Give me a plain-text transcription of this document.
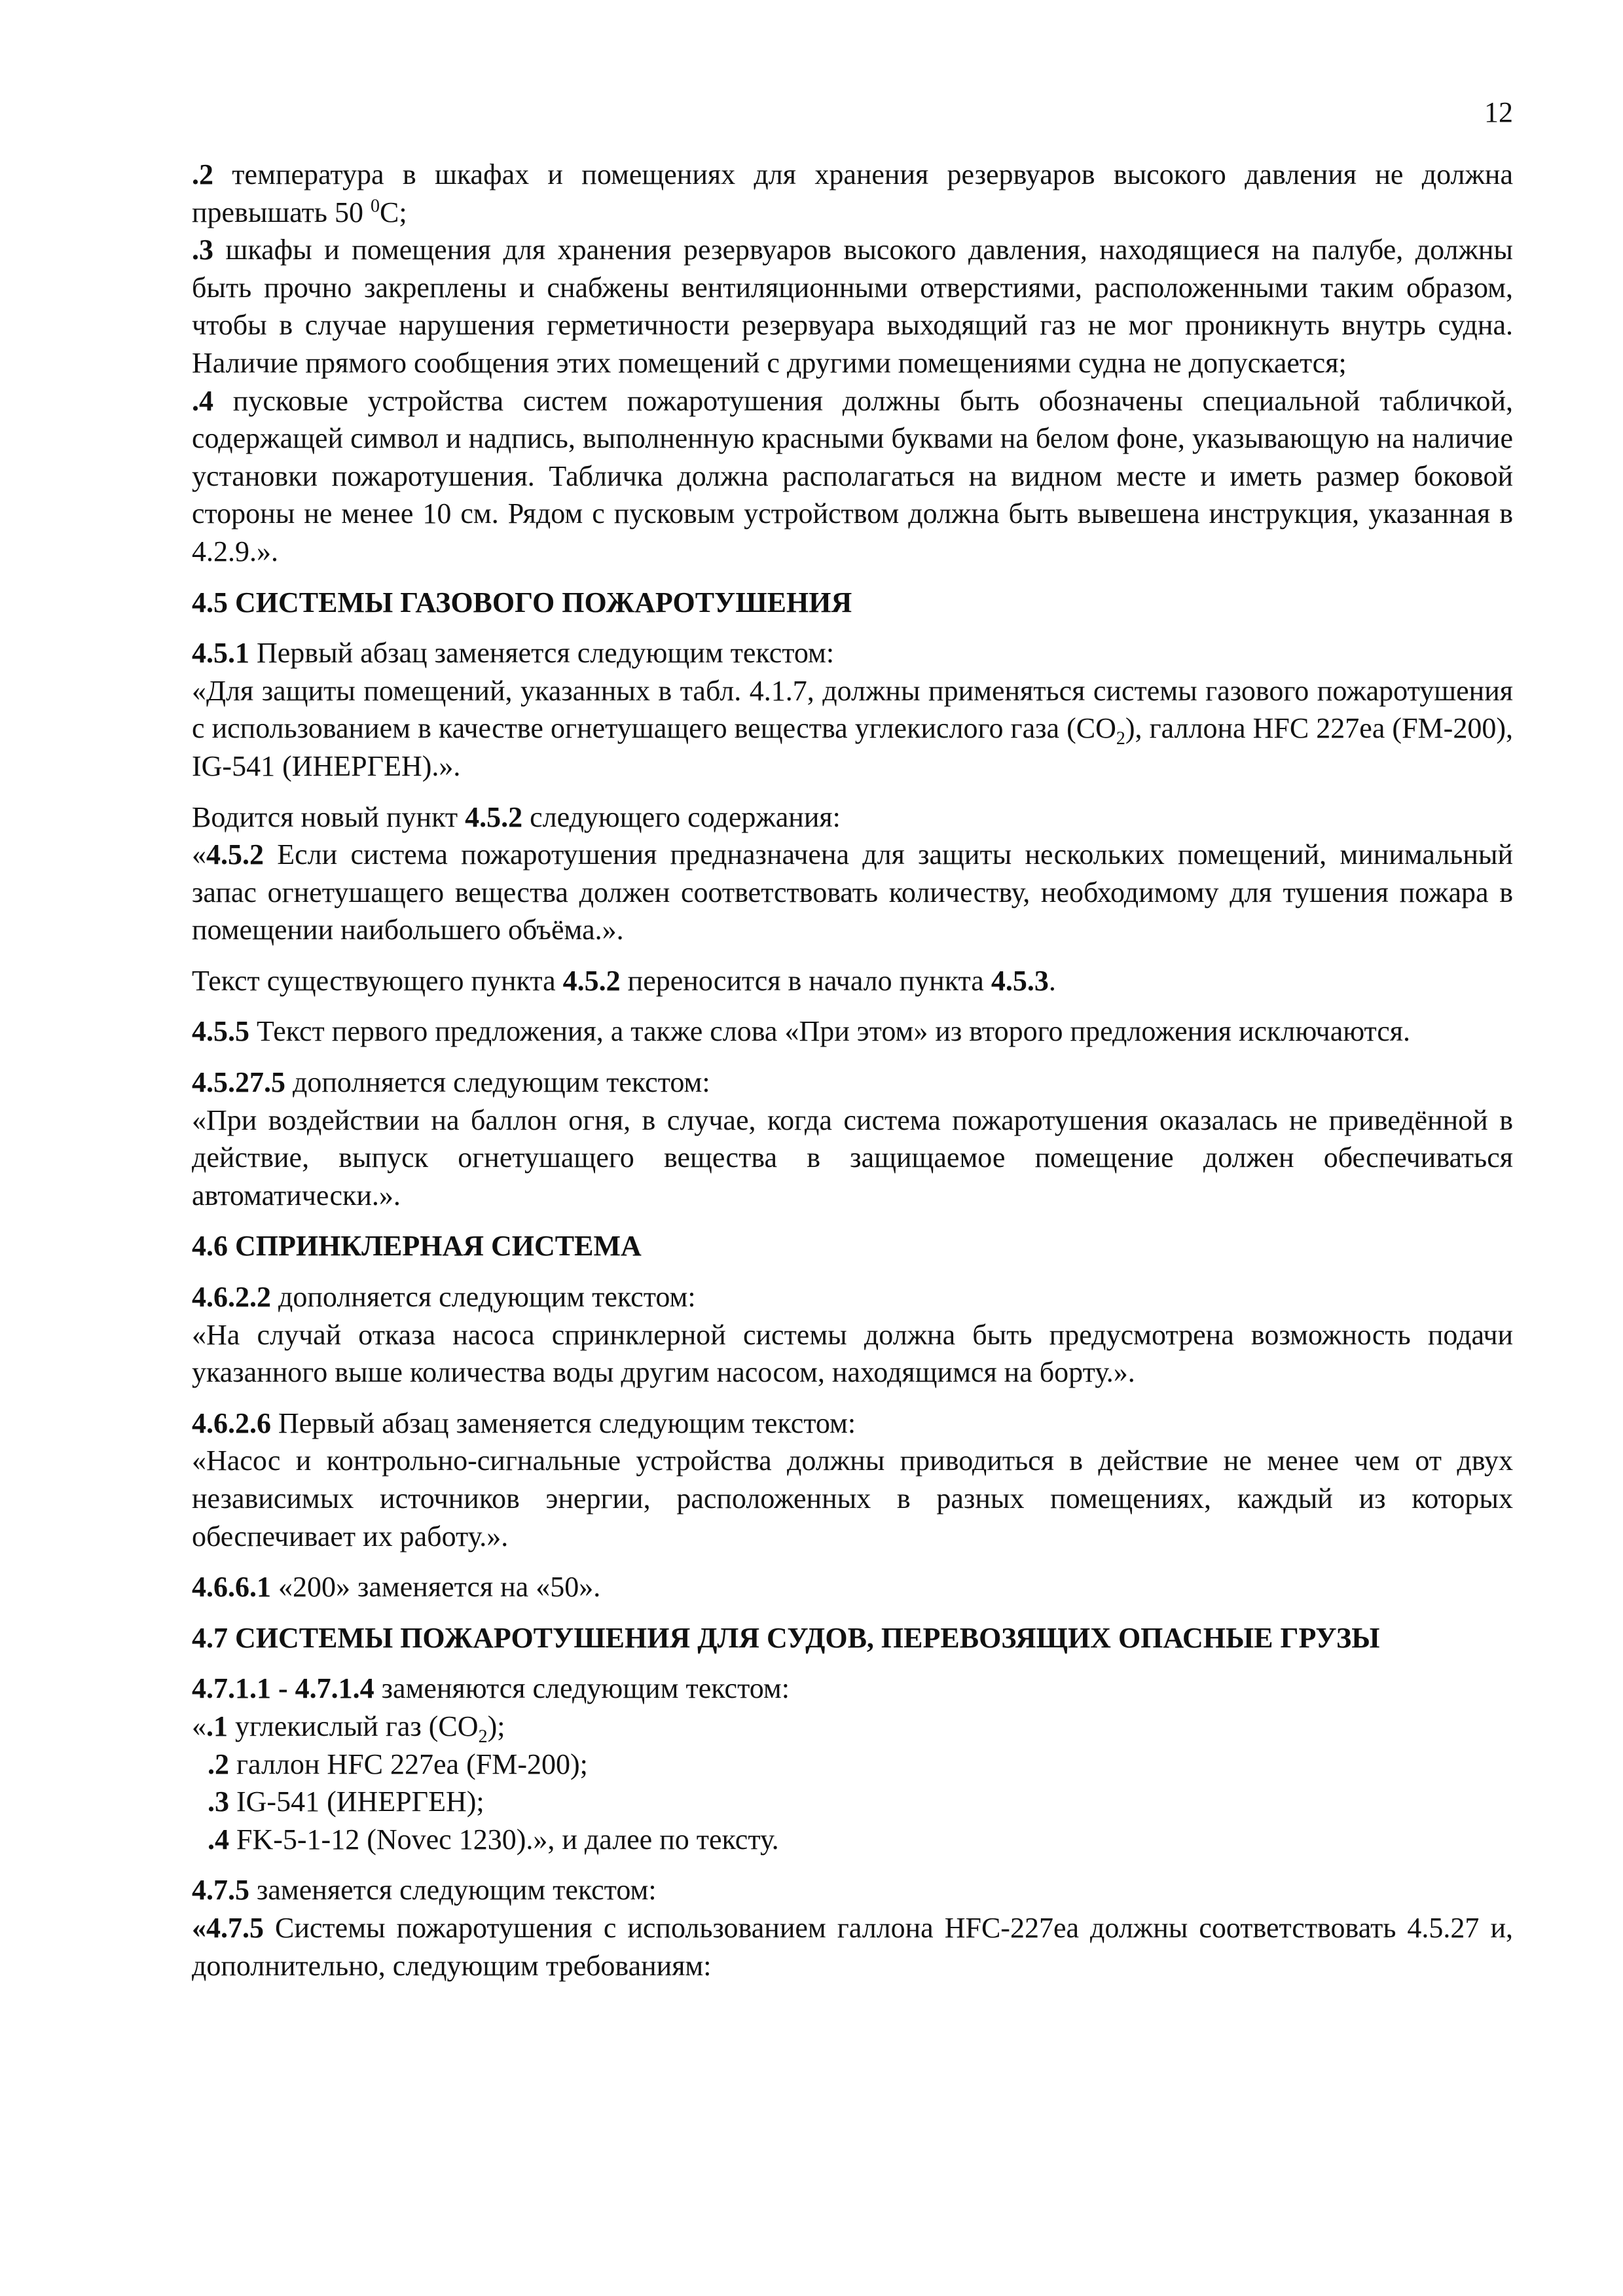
12

.2 температура в шкафах и помещениях для хранения резервуаров высокого давления не должна превышать 50 $^0$С;

.3 шкафы и помещения для хранения резервуаров высокого давления, находящиеся на палубе, должны быть прочно закреплены и снабжены вентиляционными отверстиями, расположенными таким образом, чтобы в случае нарушения герметичности резервуара выходящий газ не мог проникнуть внутрь судна. Наличие прямого сообщения этих помещений с другими помещениями судна не допускается;

.4 пусковые устройства систем пожаротушения должны быть обозначены специальной табличкой, содержащей символ и надпись, выполненную красными буквами на белом фоне, указывающую на наличие установки пожаротушения. Табличка должна располагаться на видном месте и иметь размер боковой стороны не менее 10 см. Рядом с пусковым устройством должна быть вывешена инструкция, указанная в 4.2.9.».

4.5 СИСТЕМЫ ГАЗОВОГО ПОЖАРОТУШЕНИЯ

4.5.1 Первый абзац заменяется следующим текстом:

«Для защиты помещений, указанных в табл. 4.1.7, должны применяться системы газового пожаротушения с использованием в качестве огнетушащего вещества углекислого газа $(СО_2)$, галлона HFC 227ea (FM-200), IG-541 (ИНЕРГЕН).».

Водится новый пункт 4.5.2 следующего содержания:

«4.5.2 Если система пожаротушения предназначена для защиты нескольких помещений, минимальный запас огнетушащего вещества должен соответствовать количеству, необходимому для тушения пожара в помещении наибольшего объёма.».

Текст существующего пункта 4.5.2 переносится в начало пункта 4.5.3.

4.5.5 Текст первого предложения, а также слова «При этом» из второго предложения исключаются.

4.5.27.5 дополняется следующим текстом:

«При воздействии на баллон огня, в случае, когда система пожаротушения оказалась не приведённой в действие, выпуск огнетушащего вещества в защищаемое помещение должен обеспечиваться автоматически.».

4.6 СПРИНКЛЕРНАЯ СИСТЕМА

4.6.2.2 дополняется следующим текстом:

«На случай отказа насоса спринклерной системы должна быть предусмотрена возможность подачи указанного выше количества воды другим насосом, находящимся на борту.».

4.6.2.6 Первый абзац заменяется следующим текстом:

«Насос и контрольно-сигнальные устройства должны приводиться в действие не менее чем от двух независимых источников энергии, расположенных в разных помещениях, каждый из которых обеспечивает их работу.».

4.6.6.1 «200» заменяется на «50».

4.7 СИСТЕМЫ ПОЖАРОТУШЕНИЯ ДЛЯ СУДОВ, ПЕРЕВОЗЯЩИХ ОПАСНЫЕ ГРУЗЫ

4.7.1.1 - 4.7.1.4 заменяются следующим текстом:

«.1 углекислый газ $(СО_2)$;

.2 галлон HFC 227ea (FM-200);

.3 IG-541 (ИНЕРГЕН);

.4 FK-5-1-12 (Novec 1230).», и далее по тексту.

4.7.5 заменяется следующим текстом:

«4.7.5 Системы пожаротушения с использованием галлона HFC-227ea должны соответствовать 4.5.27 и, дополнительно, следующим требованиям:
